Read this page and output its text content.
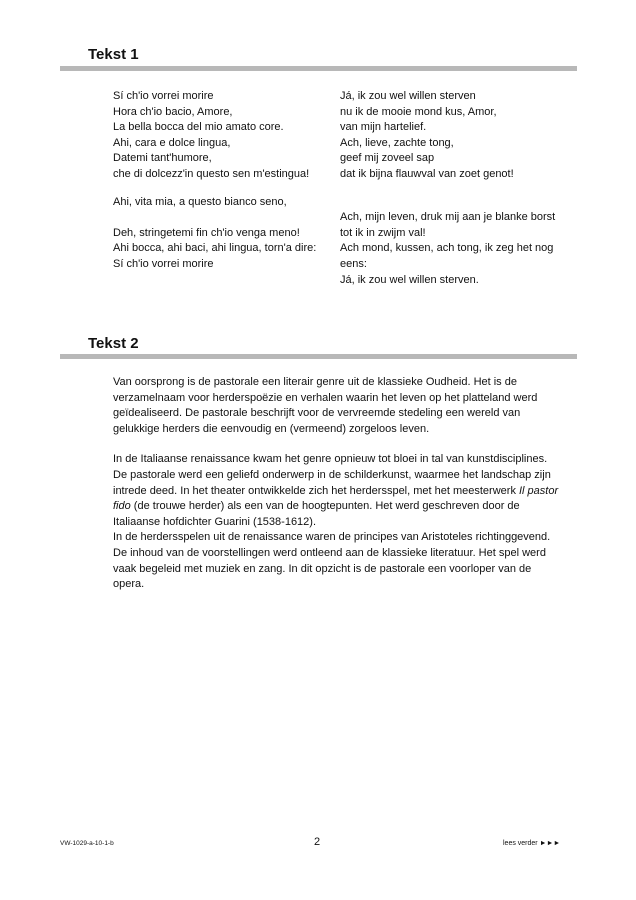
Tekst 1
Sí ch'io vorrei morire
Hora ch'io bacio, Amore,
La bella bocca del mio amato core.
Ahi, cara e dolce lingua,
Datemi tant'humore,
che di dolcezz'in questo sen m'estingua!
Ahi, vita mia, a questo bianco seno,
Deh, stringetemi fin ch'io venga meno!
Ahi bocca, ahi baci, ahi lingua, torn'a dire:
Sí ch'io vorrei morire
Já, ik zou wel willen sterven
nu ik de mooie mond kus, Amor,
van mijn hartelief.
Ach, lieve, zachte tong,
geef mij zoveel sap
dat ik bijna flauwval van zoet genot!
Ach, mijn leven, druk mij aan je blanke borst
tot ik in zwijm val!
Ach mond, kussen, ach tong, ik zeg het nog eens:
Já, ik zou wel willen sterven.
Tekst 2

Van oorsprong is de pastorale een literair genre uit de klassieke Oudheid. Het is de verzamelnaam voor herderspoëzie en verhalen waarin het leven op het platteland werd geïdealiseerd. De pastorale beschrijft voor de vervreemde stedeling een wereld van gelukkige herders die eenvoudig en (vermeend) zorgeloos leven.

In de Italiaanse renaissance kwam het genre opnieuw tot bloei in tal van kunstdisciplines. De pastorale werd een geliefd onderwerp in de schilderkunst, waarmee het landschap zijn intrede deed. In het theater ontwikkelde zich het herdersspel, met het meesterwerk Il pastor fido (de trouwe herder) als een van de hoogtepunten. Het werd geschreven door de Italiaanse hofdichter Guarini (1538-1612).

In de herdersspelen uit de renaissance waren de principes van Aristoteles richtinggevend. De inhoud van de voorstellingen werd ontleend aan de klassieke literatuur. Het spel werd vaak begeleid met muziek en zang. In dit opzicht is de pastorale een voorloper van de opera.

VW-1029-a-10-1-b	2	lees verder ►►►
